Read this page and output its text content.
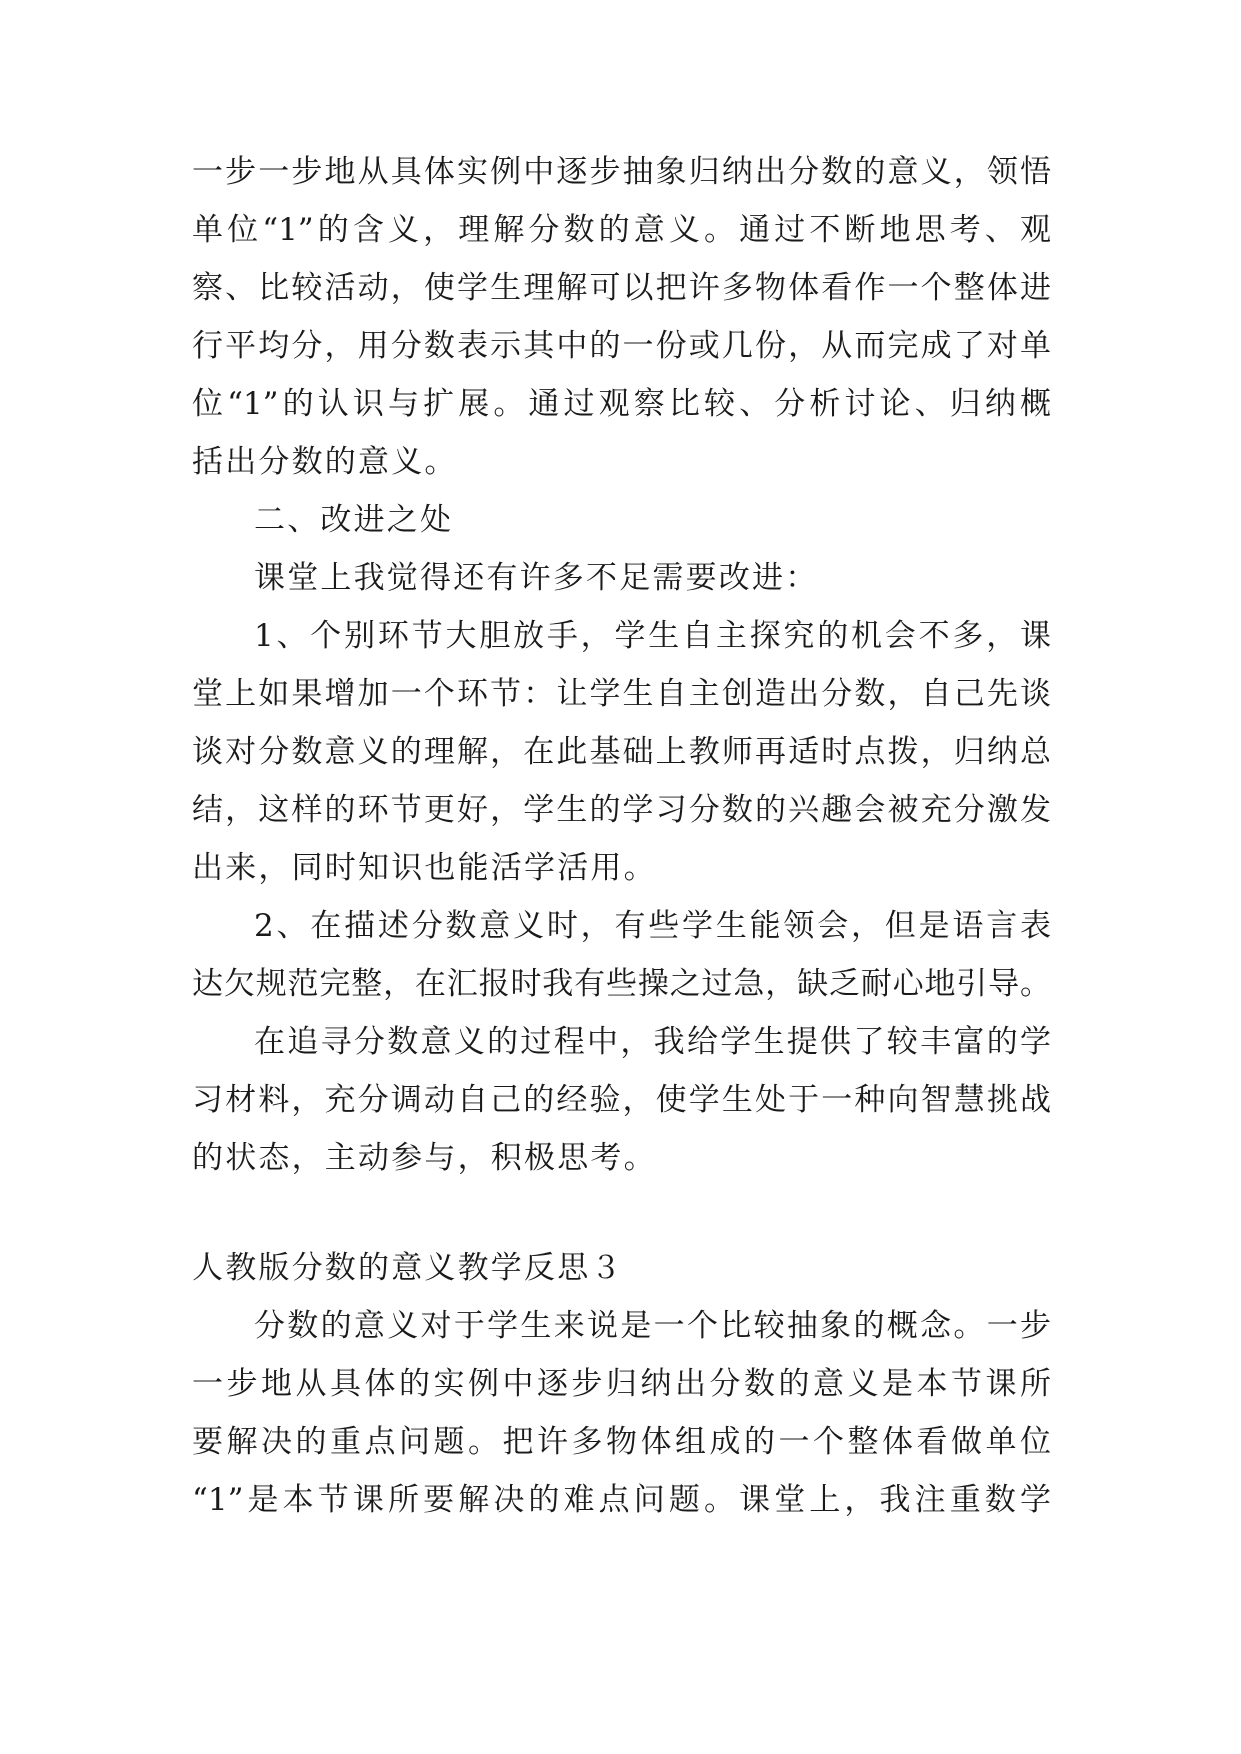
一步一步地从具体实例中逐步抽象归纳出分数的意义，领悟
单位“1”的含义，理解分数的意义。通过不断地思考、观
察、比较活动，使学生理解可以把许多物体看作一个整体进
行平均分，用分数表示其中的一份或几份，从而完成了对单
位“1”的认识与扩展。通过观察比较、分析讨论、归纳概
括出分数的意义。
二、改进之处
课堂上我觉得还有许多不足需要改进：
1、个别环节大胆放手，学生自主探究的机会不多，课
堂上如果增加一个环节：让学生自主创造出分数，自己先谈
谈对分数意义的理解，在此基础上教师再适时点拨，归纳总
结，这样的环节更好，学生的学习分数的兴趣会被充分激发
出来，同时知识也能活学活用。
2、在描述分数意义时，有些学生能领会，但是语言表
达欠规范完整，在汇报时我有些操之过急，缺乏耐心地引导。
在追寻分数意义的过程中，我给学生提供了较丰富的学
习材料，充分调动自己的经验，使学生处于一种向智慧挑战
的状态，主动参与，积极思考。
人教版分数的意义教学反思３
分数的意义对于学生来说是一个比较抽象的概念。一步
一步地从具体的实例中逐步归纳出分数的意义是本节课所
要解决的重点问题。把许多物体组成的一个整体看做单位
“1”是本节课所要解决的难点问题。课堂上，我注重数学
